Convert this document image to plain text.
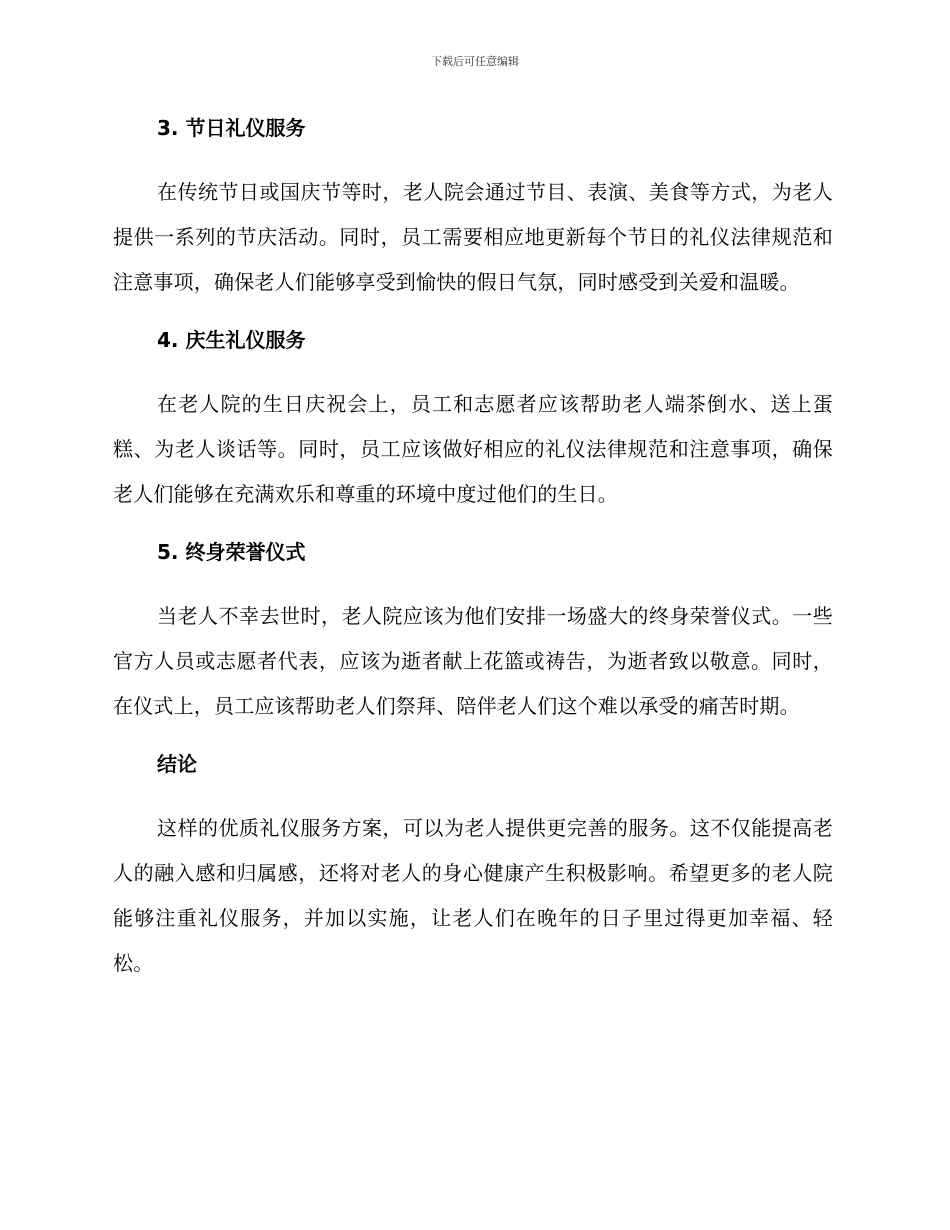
下载后可任意编辑
3. 节日礼仪服务

在传统节日或国庆节等时，老人院会通过节目、表演、美食等方式，为老人提供一系列的节庆活动。同时，员工需要相应地更新每个节日的礼仪法律规范和注意事项，确保老人们能够享受到愉快的假日气氛，同时感受到关爱和温暖。

4. 庆生礼仪服务

在老人院的生日庆祝会上，员工和志愿者应该帮助老人端茶倒水、送上蛋糕、为老人谈话等。同时，员工应该做好相应的礼仪法律规范和注意事项，确保老人们能够在充满欢乐和尊重的环境中度过他们的生日。

5. 终身荣誉仪式

当老人不幸去世时，老人院应该为他们安排一场盛大的终身荣誉仪式。一些官方人员或志愿者代表，应该为逝者献上花篮或祷告，为逝者致以敬意。同时，在仪式上，员工应该帮助老人们祭拜、陪伴老人们这个难以承受的痛苦时期。

结论

这样的优质礼仪服务方案，可以为老人提供更完善的服务。这不仅能提高老人的融入感和归属感，还将对老人的身心健康产生积极影响。希望更多的老人院能够注重礼仪服务，并加以实施，让老人们在晚年的日子里过得更加幸福、轻松。
